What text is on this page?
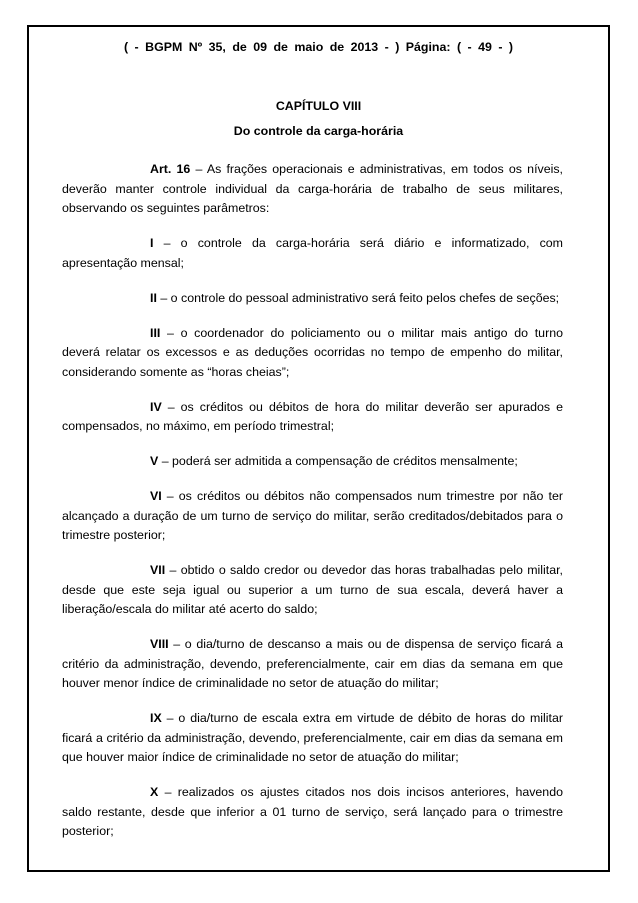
( - BGPM Nº 35, de 09 de maio de 2013 - ) Página: ( - 49 - )
CAPÍTULO VIII
Do controle da carga-horária

Art. 16 – As frações operacionais e administrativas, em todos os níveis, deverão manter controle individual da carga-horária de trabalho de seus militares, observando os seguintes parâmetros:

I – o controle da carga-horária será diário e informatizado, com apresentação mensal;

II – o controle do pessoal administrativo será feito pelos chefes de seções;

III – o coordenador do policiamento ou o militar mais antigo do turno deverá relatar os excessos e as deduções ocorridas no tempo de empenho do militar, considerando somente as “horas cheias”;

IV – os créditos ou débitos de hora do militar deverão ser apurados e compensados, no máximo, em período trimestral;

V – poderá ser admitida a compensação de créditos mensalmente;

VI – os créditos ou débitos não compensados num trimestre por não ter alcançado a duração de um turno de serviço do militar, serão creditados/debitados para o trimestre posterior;

VII – obtido o saldo credor ou devedor das horas trabalhadas pelo militar, desde que este seja igual ou superior a um turno de sua escala, deverá haver a liberação/escala do militar até acerto do saldo;

VIII – o dia/turno de descanso a mais ou de dispensa de serviço ficará a critério da administração, devendo, preferencialmente, cair em dias da semana em que houver menor índice de criminalidade no setor de atuação do militar;

IX – o dia/turno de escala extra em virtude de débito de horas do militar ficará a critério da administração, devendo, preferencialmente, cair em dias da semana em que houver maior índice de criminalidade no setor de atuação do militar;

X – realizados os ajustes citados nos dois incisos anteriores, havendo saldo restante, desde que inferior a 01 turno de serviço, será lançado para o trimestre posterior;
